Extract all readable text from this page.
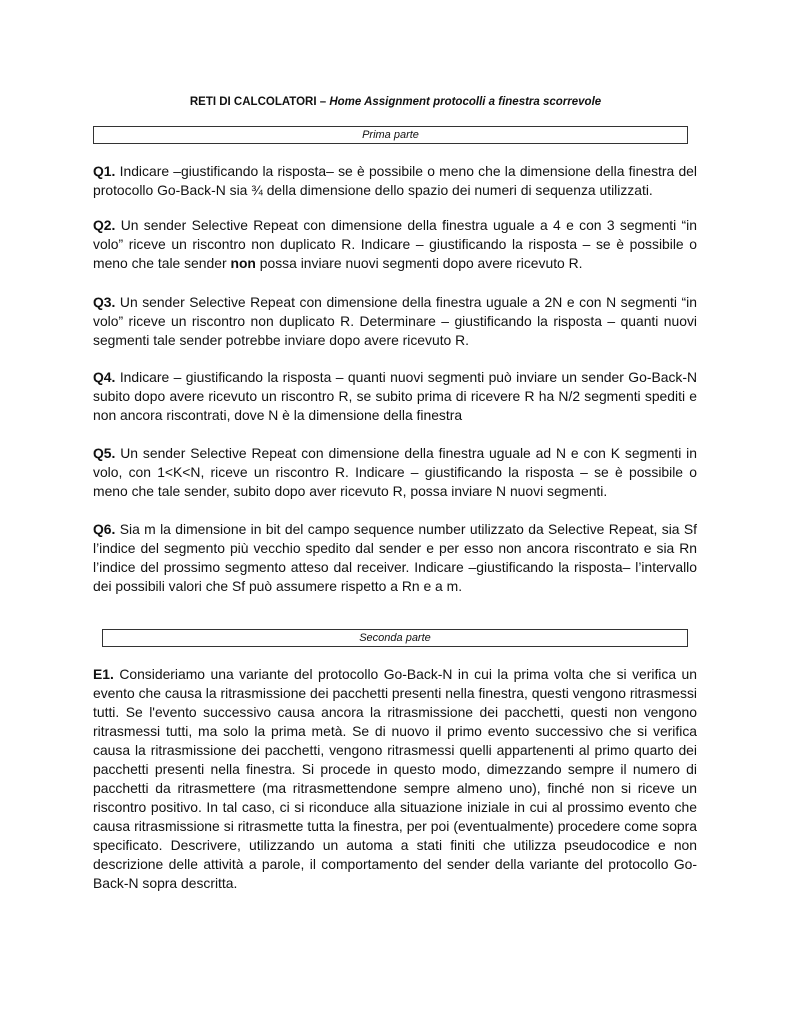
RETI DI CALCOLATORI – Home Assignment protocolli a finestra scorrevole
Prima parte

Q1. Indicare –giustificando la risposta– se è possibile o meno che la dimensione della finestra del protocollo Go-Back-N sia ¾ della dimensione dello spazio dei numeri di sequenza utilizzati.

Q2. Un sender Selective Repeat con dimensione della finestra uguale a 4 e con 3 segmenti “in volo” riceve un riscontro non duplicato R. Indicare – giustificando la risposta – se è possibile o meno che tale sender non possa inviare nuovi segmenti dopo avere ricevuto R.

Q3. Un sender Selective Repeat con dimensione della finestra uguale a 2N e con N segmenti “in volo” riceve un riscontro non duplicato R. Determinare – giustificando la risposta – quanti nuovi segmenti tale sender potrebbe inviare dopo avere ricevuto R.

Q4. Indicare – giustificando la risposta – quanti nuovi segmenti può inviare un sender Go-Back-N subito dopo avere ricevuto un riscontro R, se subito prima di ricevere R ha N/2 segmenti spediti e non ancora riscontrati, dove N è la dimensione della finestra

Q5. Un sender Selective Repeat con dimensione della finestra uguale ad N e con K segmenti in volo, con 1<K<N, riceve un riscontro R. Indicare – giustificando la risposta – se è possibile o meno che tale sender, subito dopo aver ricevuto R, possa inviare N nuovi segmenti.

Q6. Sia m la dimensione in bit del campo sequence number utilizzato da Selective Repeat, sia Sf l’indice del segmento più vecchio spedito dal sender e per esso non ancora riscontrato e sia Rn l’indice del prossimo segmento atteso dal receiver. Indicare –giustificando la risposta– l’intervallo dei possibili valori che Sf può assumere rispetto a Rn e a m.

Seconda parte

E1. Consideriamo una variante del protocollo Go-Back-N in cui la prima volta che si verifica un evento che causa la ritrasmissione dei pacchetti presenti nella finestra, questi vengono ritrasmessi tutti. Se l'evento successivo causa ancora la ritrasmissione dei pacchetti, questi non vengono ritrasmessi tutti, ma solo la prima metà. Se di nuovo il primo evento successivo che si verifica causa la ritrasmissione dei pacchetti, vengono ritrasmessi quelli appartenenti al primo quarto dei pacchetti presenti nella finestra. Si procede in questo modo, dimezzando sempre il numero di pacchetti da ritrasmettere (ma ritrasmettendone sempre almeno uno), finché non si riceve un riscontro positivo. In tal caso, ci si riconduce alla situazione iniziale in cui al prossimo evento che causa ritrasmissione si ritrasmette tutta la finestra, per poi (eventualmente) procedere come sopra specificato. Descrivere, utilizzando un automa a stati finiti che utilizza pseudocodice e non descrizione delle attività a parole, il comportamento del sender della variante del protocollo Go-Back-N sopra descritta.
